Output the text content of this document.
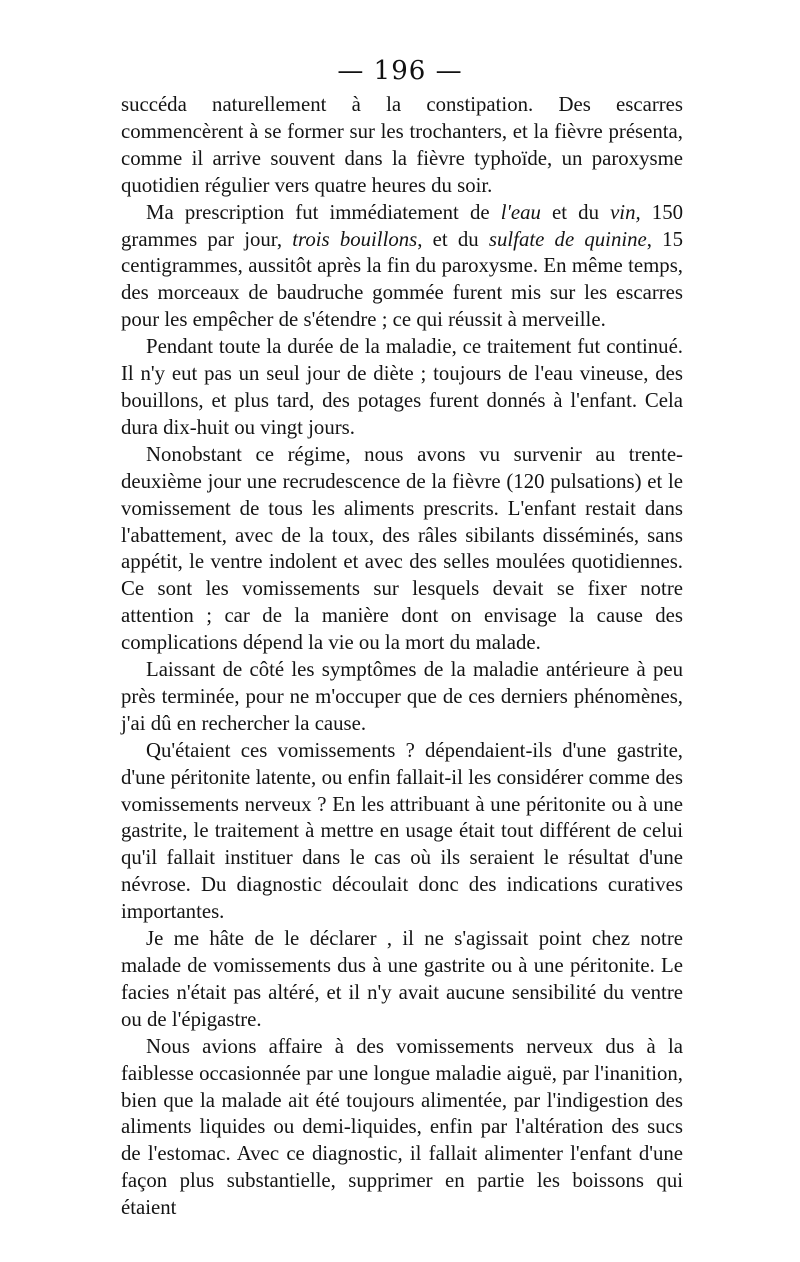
— 196 —

succéda naturellement à la constipation. Des escarres commencèrent à se former sur les trochanters, et la fièvre présenta, comme il arrive souvent dans la fièvre typhoïde, un paroxysme quotidien régulier vers quatre heures du soir.

Ma prescription fut immédiatement de l'eau et du vin, 150 grammes par jour, trois bouillons, et du sulfate de quinine, 15 centigrammes, aussitôt après la fin du paroxysme. En même temps, des morceaux de baudruche gommée furent mis sur les escarres pour les empêcher de s'étendre ; ce qui réussit à merveille.

Pendant toute la durée de la maladie, ce traitement fut continué. Il n'y eut pas un seul jour de diète ; toujours de l'eau vineuse, des bouillons, et plus tard, des potages furent donnés à l'enfant. Cela dura dix-huit ou vingt jours.

Nonobstant ce régime, nous avons vu survenir au trente-deuxième jour une recrudescence de la fièvre (120 pulsations) et le vomissement de tous les aliments prescrits. L'enfant restait dans l'abattement, avec de la toux, des râles sibilants disséminés, sans appétit, le ventre indolent et avec des selles moulées quotidiennes. Ce sont les vomissements sur lesquels devait se fixer notre attention ; car de la manière dont on envisage la cause des complications dépend la vie ou la mort du malade.

Laissant de côté les symptômes de la maladie antérieure à peu près terminée, pour ne m'occuper que de ces derniers phénomènes, j'ai dû en rechercher la cause.

Qu'étaient ces vomissements ? dépendaient-ils d'une gastrite, d'une péritonite latente, ou enfin fallait-il les considérer comme des vomissements nerveux ? En les attribuant à une péritonite ou à une gastrite, le traitement à mettre en usage était tout différent de celui qu'il fallait instituer dans le cas où ils seraient le résultat d'une névrose. Du diagnostic découlait donc des indications curatives importantes.

Je me hâte de le déclarer , il ne s'agissait point chez notre malade de vomissements dus à une gastrite ou à une péritonite. Le facies n'était pas altéré, et il n'y avait aucune sensibilité du ventre ou de l'épigastre.

Nous avions affaire à des vomissements nerveux dus à la faiblesse occasionnée par une longue maladie aiguë, par l'inanition, bien que la malade ait été toujours alimentée, par l'indigestion des aliments liquides ou demi-liquides, enfin par l'altération des sucs de l'estomac. Avec ce diagnostic, il fallait alimenter l'enfant d'une façon plus substantielle, supprimer en partie les boissons qui étaient
